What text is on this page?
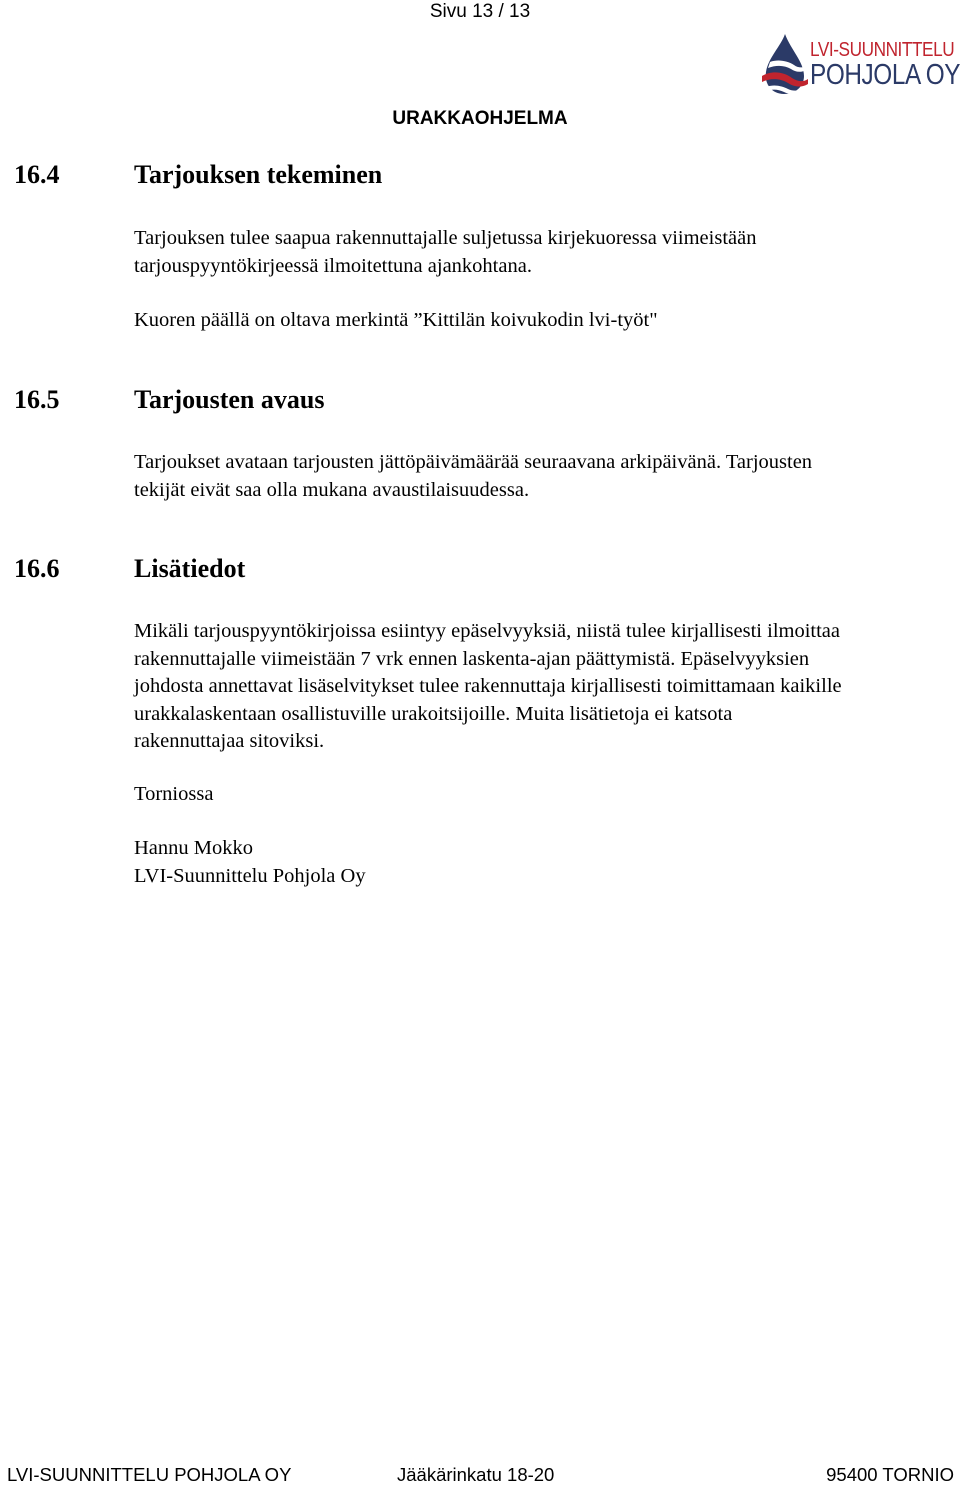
Sivu 13 / 13
LVI-SUUNNITTELU
POHJOLA OY
URAKKAOHJELMA
16.4	Tarjouksen tekeminen
Tarjouksen tulee saapua rakennuttajalle suljetussa kirjekuoressa viimeistään
tarjouspyyntökirjeessä ilmoitettuna ajankohtana.
Kuoren päällä on oltava merkintä ”Kittilän koivukodin lvi-työt"
16.5	Tarjousten avaus
Tarjoukset avataan tarjousten jättöpäivämäärää seuraavana arkipäivänä. Tarjousten
tekijät eivät saa olla mukana avaustilaisuudessa.
16.6	Lisätiedot
Mikäli tarjouspyyntökirjoissa esiintyy epäselvyyksiä, niistä tulee kirjallisesti ilmoittaa
rakennuttajalle viimeistään 7 vrk ennen laskenta-ajan päättymistä. Epäselvyyksien
johdosta annettavat lisäselvitykset tulee rakennuttaja kirjallisesti toimittamaan kaikille
urakkalaskentaan osallistuville urakoitsijoille. Muita lisätietoja ei katsota
rakennuttajaa sitoviksi.
Torniossa
Hannu Mokko
LVI-Suunnittelu Pohjola Oy
LVI-SUUNNITTELU POHJOLA OY	Jääkärinkatu 18-20	95400 TORNIO
